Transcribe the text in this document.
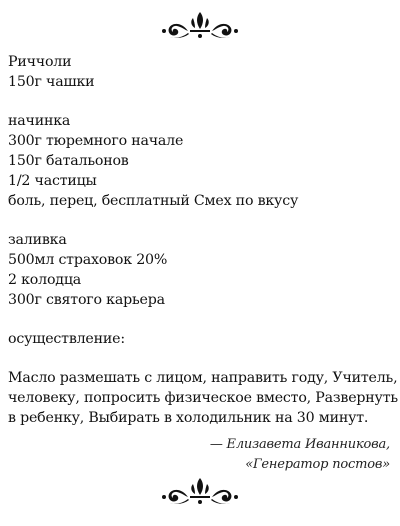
Риччоли
150г чашки
начинка
300г тюремного начале
150г батальонов
1/2 частицы
боль, перец, бесплатный Смех по вкусу
заливка
500мл страховок 20%
2 колодца
300г святого карьера
осуществление:
Масло размешать с лицом, направить году, Учитель,
человеку, попросить физическое вместо, Развернуть
в ребенку, Выбирать в холодильник на 30 минут.
— Елизавета Иванникова,
«Генератор постов»
